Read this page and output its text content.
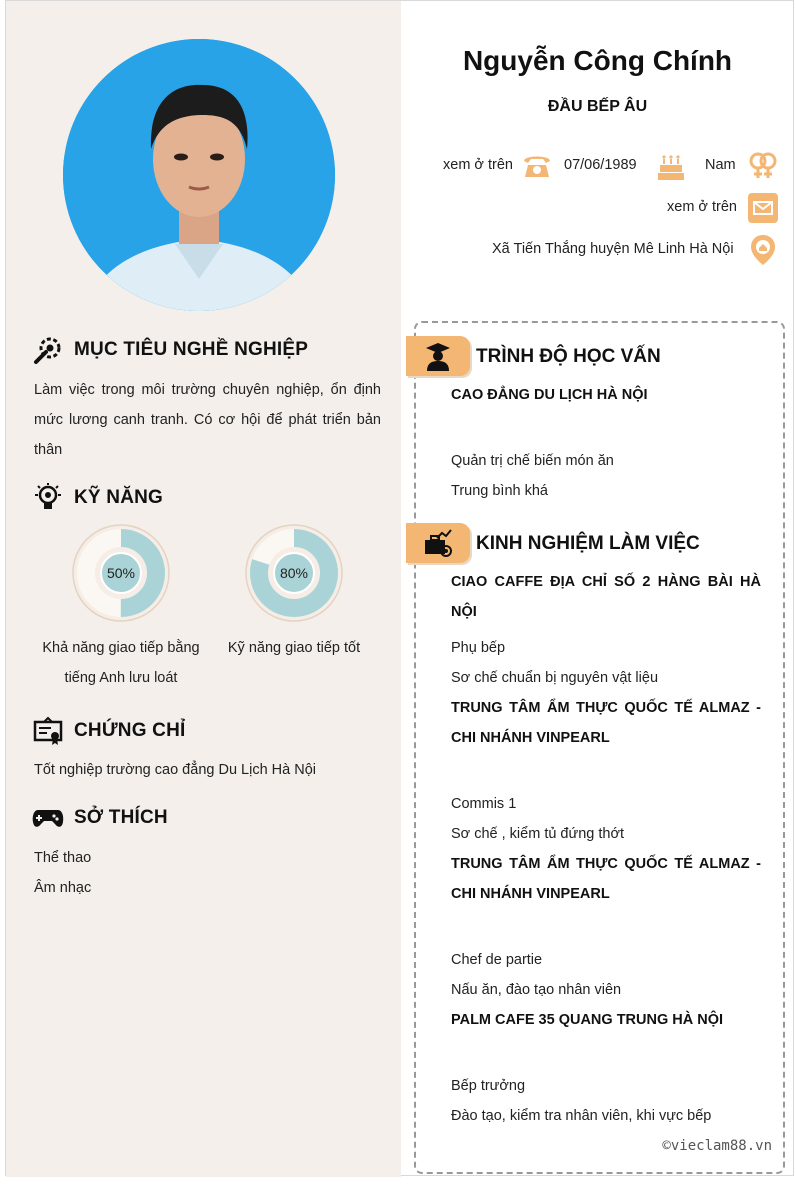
MỤC TIÊU NGHỀ NGHIỆP
Làm việc trong môi trường chuyên nghiệp, ổn định mức lương canh tranh. Có cơ hội để phát triển bản thân
KỸ NĂNG
50%
Khả năng giao tiếp bằng tiếng Anh lưu loát
80%
Kỹ năng giao tiếp tốt
CHỨNG CHỈ
Tốt nghiệp trường cao đẳng Du Lịch Hà Nội
SỞ THÍCH
Thể thao
Âm nhạc
Nguyễn Công Chính
ĐẦU BẾP ÂU
xem ở trên	07/06/1989	Nam
xem ở trên
Xã Tiến Thắng huyện Mê Linh Hà Nội
TRÌNH ĐỘ HỌC VẤN
CAO ĐẲNG DU LỊCH HÀ NỘI
Quản trị chế biến món ăn
Trung bình khá
KINH NGHIỆM LÀM VIỆC
CIAO CAFFE ĐỊA CHỈ SỐ 2 HÀNG BÀI HÀ NỘI
Phụ bếp
Sơ chế chuẩn bị nguyên vật liệu
TRUNG TÂM ẨM THỰC QUỐC TẾ ALMAZ - CHI NHÁNH VINPEARL
Commis 1
Sơ chế , kiểm tủ đứng thớt
TRUNG TÂM ẨM THỰC QUỐC TẾ ALMAZ - CHI NHÁNH VINPEARL
Chef de partie
Nấu ăn, đào tạo nhân viên
PALM CAFE 35 QUANG TRUNG HÀ NỘI
Bếp trưởng
Đào tạo, kiểm tra nhân viên, khi vực bếp
©vieclam88.vn
